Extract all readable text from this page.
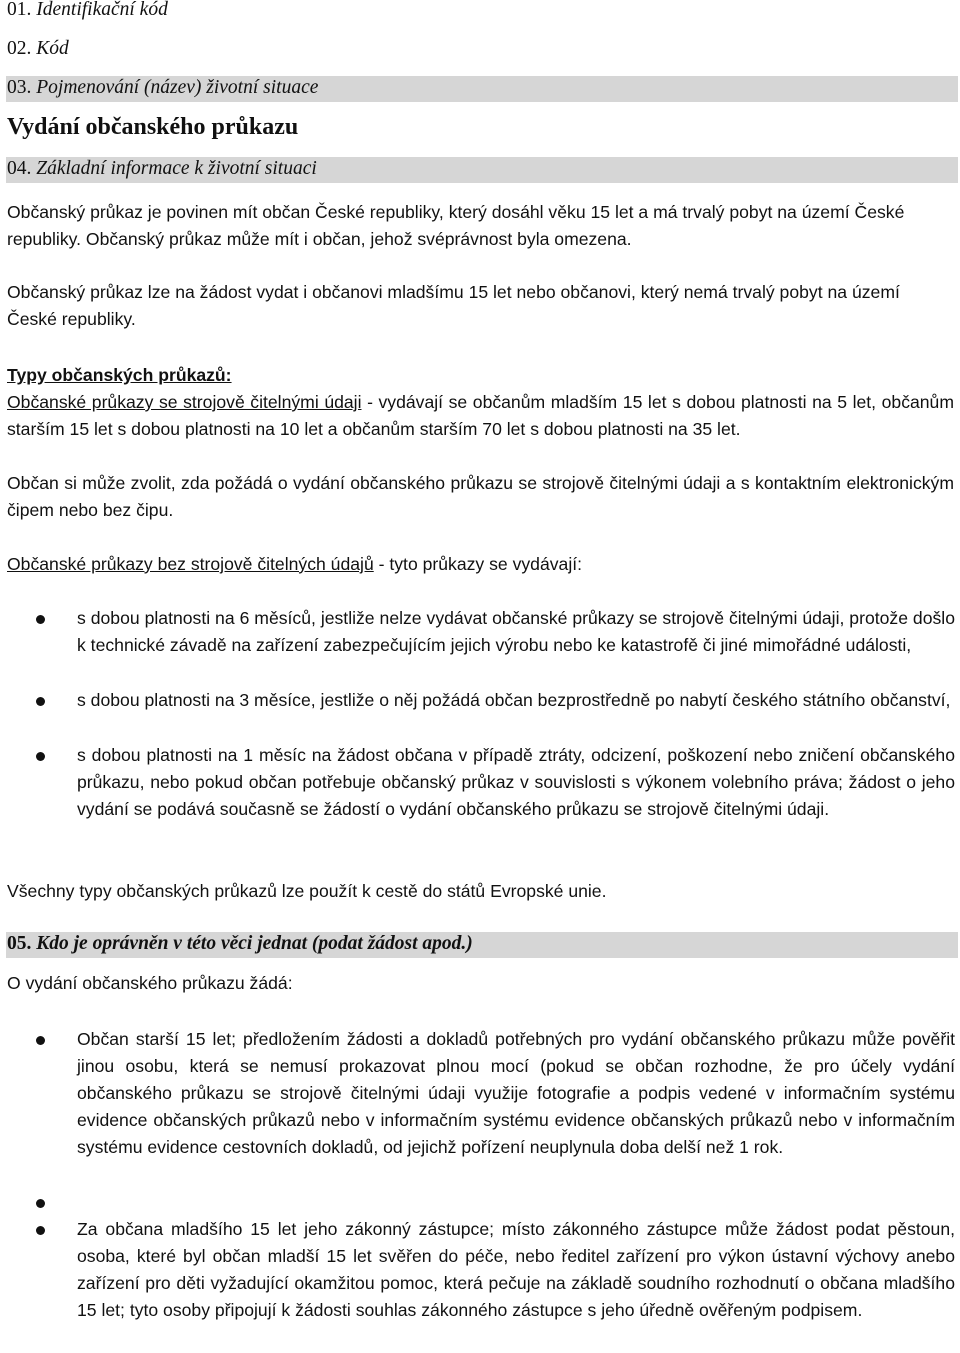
01. Identifikační kód
02. Kód
03. Pojmenování (název) životní situace
Vydání občanského průkazu
04. Základní informace k životní situaci
Občanský průkaz je povinen mít občan České republiky, který dosáhl věku 15 let a má trvalý pobyt na území České republiky. Občanský průkaz může mít i občan, jehož svéprávnost byla omezena.
Občanský průkaz lze na žádost vydat i občanovi mladšímu 15 let nebo občanovi, který nemá trvalý pobyt na území České republiky.
Typy občanských průkazů:
Občanské průkazy se strojově čitelnými údaji - vydávají se občanům mladším 15 let s dobou platnosti na 5 let, občanům starším 15 let s dobou platnosti na 10 let a občanům starším 70 let s dobou platnosti na 35 let.
Občan si může zvolit, zda požádá o vydání občanského průkazu se strojově čitelnými údaji a s kontaktním elektronickým čipem nebo bez čipu.
Občanské průkazy bez strojově čitelných údajů - tyto průkazy se vydávají:
s dobou platnosti na 6 měsíců, jestliže nelze vydávat občanské průkazy se strojově čitelnými údaji, protože došlo k technické závadě na zařízení zabezpečujícím jejich výrobu nebo ke katastrofě či jiné mimořádné události,
s dobou platnosti na 3 měsíce, jestliže o něj požádá občan bezprostředně po nabytí českého státního občanství,
s dobou platnosti na 1 měsíc na žádost občana v případě ztráty, odcizení, poškození nebo zničení občanského průkazu, nebo pokud občan potřebuje občanský průkaz v souvislosti s výkonem volebního práva; žádost o jeho vydání se podává současně se žádostí o vydání občanského průkazu se strojově čitelnými údaji.
Všechny typy občanských průkazů lze použít k cestě do států Evropské unie.
05. Kdo je oprávněn v této věci jednat (podat žádost apod.)
O vydání občanského průkazu žádá:
Občan starší 15 let; předložením žádosti a dokladů potřebných pro vydání občanského průkazu může pověřit jinou osobu, která se nemusí prokazovat plnou mocí (pokud se občan rozhodne, že pro účely vydání občanského průkazu se strojově čitelnými údaji využije fotografie a podpis vedené v informačním systému evidence občanských průkazů nebo v informačním systému evidence občanských průkazů nebo v informačním systému evidence cestovních dokladů, od jejichž pořízení neuplynula doba delší než 1 rok.
Za občana mladšího 15 let jeho zákonný zástupce; místo zákonného zástupce může žádost podat pěstoun, osoba, které byl občan mladší 15 let svěřen do péče, nebo ředitel zařízení pro výkon ústavní výchovy anebo zařízení pro děti vyžadující okamžitou pomoc, která pečuje na základě soudního rozhodnutí o občana mladšího 15 let; tyto osoby připojují k žádosti souhlas zákonného zástupce s jeho úředně ověřeným podpisem.
